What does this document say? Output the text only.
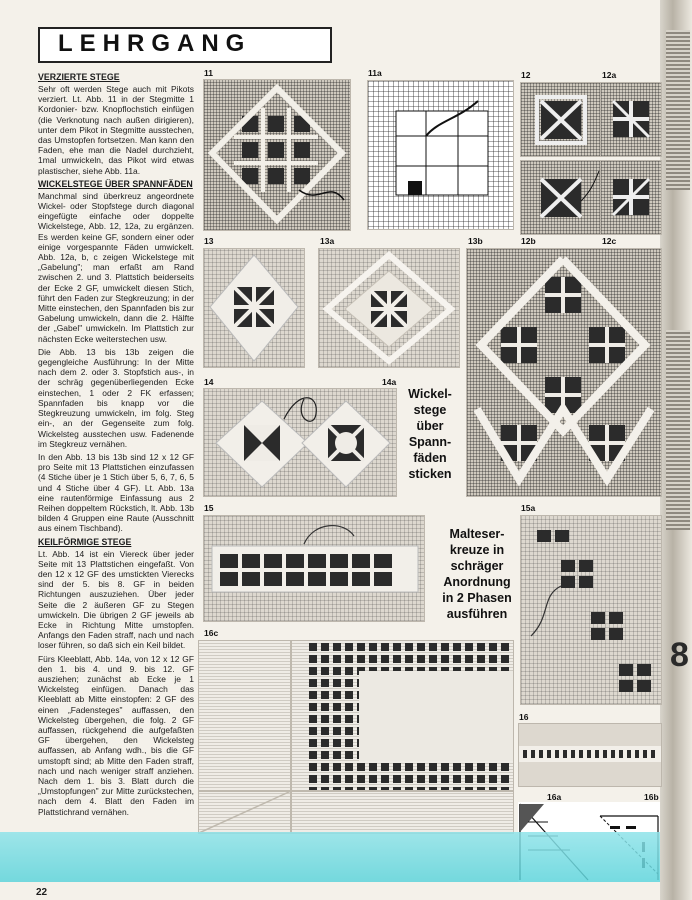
8
LEHRGANG
VERZIERTE STEGE

Sehr oft werden Stege auch mit Pikots verziert. Lt. Abb. 11 in der Stegmitte 1 Kordonier- bzw. Knopflochstich einfügen (die Verknotung nach außen dirigieren), unter dem Pikot in Stegmitte ausstechen, das Umstopfen fortsetzen. Man kann den Faden, ehe man die Nadel durchzieht, 1mal umwickeln, das Pikot wird etwas plastischer, siehe Abb. 11a.

WICKELSTEGE ÜBER SPANNFÄDEN

Manchmal sind überkreuz angeordnete Wickel- oder Stopfstege durch diagonal eingefügte einfache oder doppelte Wickelstege, Abb. 12, 12a, zu ergänzen. Es werden keine GF, sondern einer oder einige vorgespannte Fäden umwickelt. Abb. 12a, b, c zeigen Wickelstege mit „Gabelung"; man erfaßt am Rand zwischen 2. und 3. Plattstich beiderseits der Ecke 2 GF, umwickelt diesen Stich, führt den Faden zur Stegkreuzung; in der Mitte einstechen, den Spannfaden bis zur Gabelung umwickeln, dann die 2. Hälfte der „Gabel" umwickeln. Im Plattstich zur nächsten Ecke weiterstechen usw.

Die Abb. 13 bis 13b zeigen die gegengleiche Ausführung: In der Mitte nach dem 2. oder 3. Stopfstich aus-, in der schräg gegenüberliegenden Ecke einstechen, 1 oder 2 FK erfassen; Spannfaden bis knapp vor die Stegkreuzung umwickeln, im folg. Steg ein-, an der Gegenseite zum folg. Wickelsteg ausstechen usw. Fadenende im Stegkreuz vernähen.

In den Abb. 13 bis 13b sind 12 x 12 GF pro Seite mit 13 Plattstichen einzufassen (4 Stiche über je 1 Stich über 5, 6, 7, 6, 5 und 4 Stiche über 4 GF). Lt. Abb. 13a eine rautenförmige Einfassung aus 2 Reihen doppeltem Rückstich, lt. Abb. 13b bilden 4 Gruppen eine Raute (Ausschnitt aus einem Tischband).

KEILFÖRMIGE STEGE

Lt. Abb. 14 ist ein Viereck über jeder Seite mit 13 Plattstichen eingefaßt. Von den 12 x 12 GF des umstickten Vierecks sind der 5. bis 8. GF in beiden Richtungen auszuziehen. Über jeder Seite die 2 äußeren GF zu Stegen umwickeln. Die übrigen 2 GF jeweils ab Ecke in Richtung Mitte umstopfen. Anfangs den Faden straff, nach und nach loser führen, so daß sich ein Keil bildet.

Fürs Kleeblatt, Abb. 14a, von 12 x 12 GF den 1. bis 4. und 9. bis 12. GF ausziehen; zunächst ab Ecke je 1 Wickelsteg einfügen. Danach das Kleeblatt ab Mitte einstopfen: 2 GF des einen „Fadensteges" auffassen, den Wickelsteg übergehen, die folg. 2 GF auffassen, rückgehend die aufgefaßten GF übergehen, den Wickelsteg auffassen, ab Anfang wdh., bis die GF umstopft sind; ab Mitte den Faden straff, nach und nach weniger straff anziehen. Nach dem 1. bis 3. Blatt durch die „Umstopfungen" zur Mitte zurückstechen, nach dem 4. Blatt den Faden im Plattstichrand vernähen.

11	11a	12	12a
12b	12c
13	13a	13b
14	14a
Wickel-
stege
über
Spann-
fäden
sticken
15
Malteser-
kreuze in
schräger
Anordnung
in 2 Phasen
ausführen
15a
16c
16
16a	16b
22
